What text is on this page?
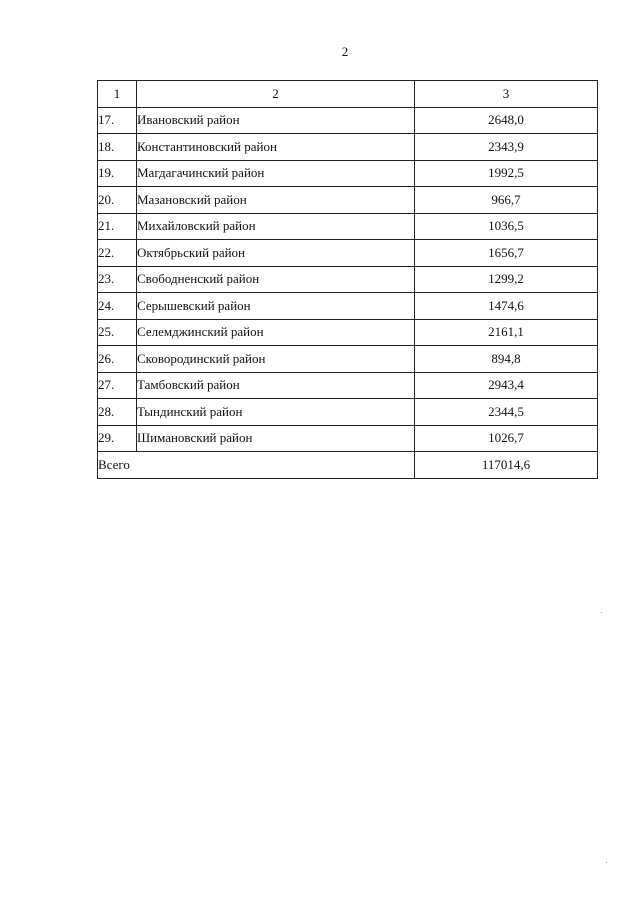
2
1	2	3
17.	Ивановский район	2648,0
18.	Константиновский район	2343,9
19.	Магдагачинский район	1992,5
20.	Мазановский район	966,7
21.	Михайловский район	1036,5
22.	Октябрьский район	1656,7
23.	Свободненский район	1299,2
24.	Серышевский район	1474,6
25.	Селемджинский район	2161,1
26.	Сковородинский район	894,8
27.	Тамбовский район	2943,4
28.	Тындинский район	2344,5
29.	Шимановский район	1026,7
Всего		117014,6
